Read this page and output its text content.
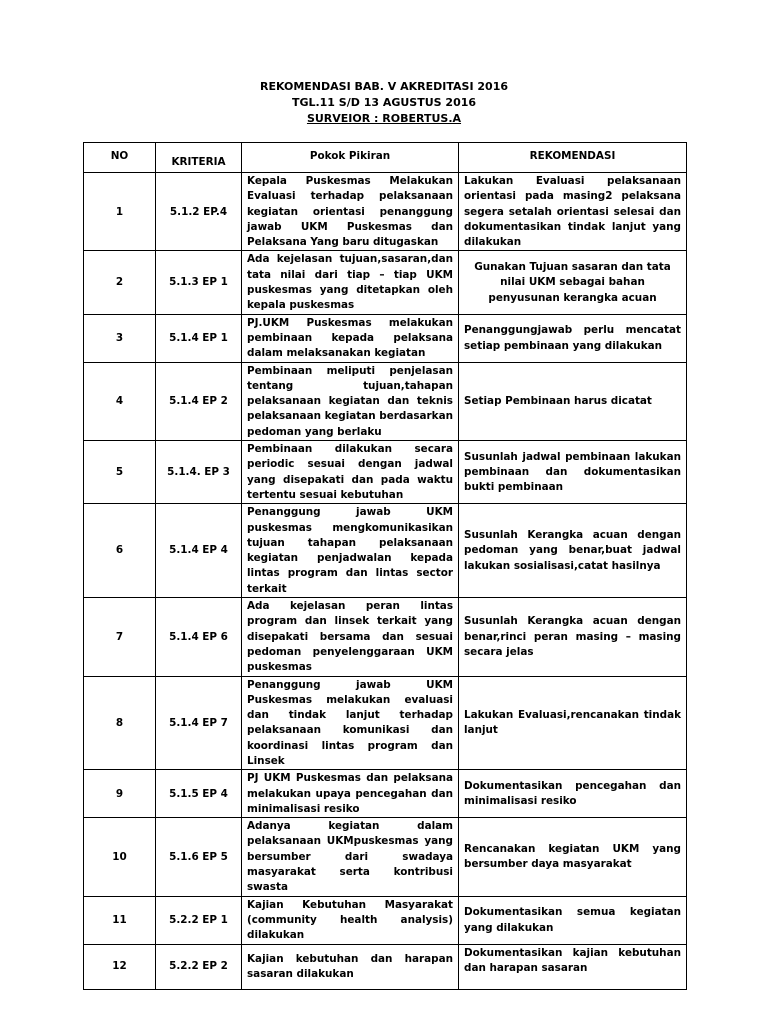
REKOMENDASI BAB. V AKREDITASI 2016
TGL.11 S/D 13 AGUSTUS 2016
SURVEIOR : ROBERTUS.A
NO	KRITERIA	Pokok Pikiran	REKOMENDASI
1	5.1.2 EP.4	Kepala Puskesmas Melakukan Evaluasi terhadap pelaksanaan kegiatan orientasi penanggung jawab UKM Puskesmas dan Pelaksana Yang baru ditugaskan	Lakukan Evaluasi pelaksanaan orientasi pada masing2 pelaksana segera setalah orientasi selesai dan dokumentasikan tindak lanjut yang dilakukan
2	5.1.3 EP 1	Ada kejelasan tujuan,sasaran,dan tata nilai dari tiap – tiap UKM puskesmas yang ditetapkan oleh kepala puskesmas	Gunakan Tujuan sasaran dan tata nilai UKM sebagai bahan penyusunan kerangka acuan
3	5.1.4 EP 1	PJ.UKM Puskesmas melakukan pembinaan kepada pelaksana dalam melaksanakan kegiatan	Penanggungjawab perlu mencatat setiap pembinaan yang dilakukan
4	5.1.4 EP 2	Pembinaan meliputi penjelasan tentang tujuan,tahapan pelaksanaan kegiatan dan teknis pelaksanaan kegiatan berdasarkan pedoman yang berlaku	Setiap Pembinaan harus dicatat
5	5.1.4. EP 3	Pembinaan dilakukan secara periodic sesuai dengan jadwal yang disepakati dan pada waktu tertentu sesuai kebutuhan	Susunlah jadwal pembinaan lakukan pembinaan dan dokumentasikan bukti pembinaan
6	5.1.4 EP 4	Penanggung jawab UKM puskesmas mengkomunikasikan tujuan tahapan pelaksanaan kegiatan penjadwalan kepada lintas program dan lintas sector terkait	Susunlah Kerangka acuan dengan pedoman yang benar,buat jadwal lakukan sosialisasi,catat hasilnya
7	5.1.4 EP 6	Ada kejelasan peran lintas program dan linsek terkait yang disepakati bersama dan sesuai pedoman penyelenggaraan UKM puskesmas	Susunlah Kerangka acuan dengan benar,rinci peran masing – masing secara jelas
8	5.1.4 EP 7	Penanggung jawab UKM Puskesmas melakukan evaluasi dan tindak lanjut terhadap pelaksanaan komunikasi dan koordinasi lintas program dan Linsek	Lakukan Evaluasi,rencanakan tindak lanjut
9	5.1.5 EP 4	PJ UKM Puskesmas dan pelaksana melakukan upaya pencegahan dan minimalisasi resiko	Dokumentasikan pencegahan dan minimalisasi resiko
10	5.1.6 EP 5	Adanya kegiatan dalam pelaksanaan UKMpuskesmas yang bersumber dari swadaya masyarakat serta kontribusi swasta	Rencanakan kegiatan UKM yang bersumber daya masyarakat
11	5.2.2 EP 1	Kajian Kebutuhan Masyarakat (community health analysis) dilakukan	Dokumentasikan semua kegiatan yang dilakukan
12	5.2.2 EP 2	Kajian kebutuhan dan harapan sasaran dilakukan	Dokumentasikan kajian kebutuhan dan harapan sasaran
